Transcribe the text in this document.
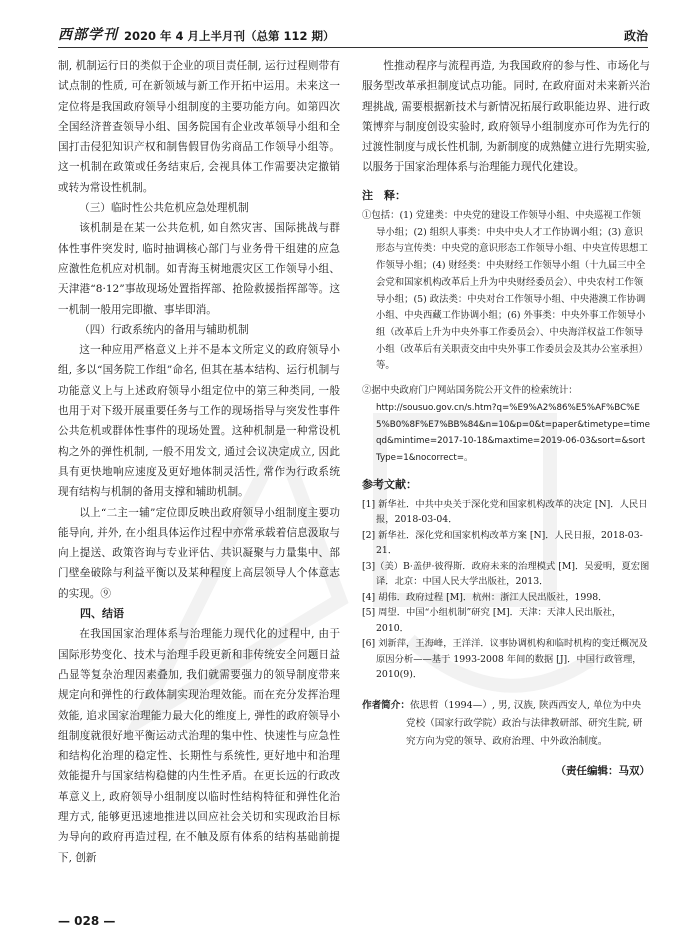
西部学刊 2020 年 4 月上半月刊（总第 112 期）	政治

制, 机制运行日的类似于企业的项目责任制, 运行过程则带有试点制的性质, 可在新领域与新工作开拓中运用。未来这一定位将是我国政府领导小组制度的主要功能方向。如第四次全国经济普查领导小组、国务院国有企业改革领导小组和全国打击侵犯知识产权和制售假冒伪劣商品工作领导小组等。这一机制在政策或任务结束后, 会视具体工作需要决定撤销或转为常设性机制。

（三）临时性公共危机应急处理机制

该机制是在某一公共危机, 如自然灾害、国际挑战与群体性事件突发时, 临时抽调核心部门与业务骨干组建的应急应激性危机应对机制。如青海玉树地震灾区工作领导小组、天津港“8·12”事故现场处置指挥部、抢险救援指挥部等。这一机制一般用完即撤、事毕即消。

（四）行政系统内的备用与辅助机制

这一种应用严格意义上并不是本文所定义的政府领导小组, 多以“国务院工作组”命名, 但其在基本结构、运行机制与功能意义上与上述政府领导小组定位中的第三种类同, 一般也用于对下级开展重要任务与工作的现场指导与突发性事件公共危机或群体性事件的现场处置。这种机制是一种常设机构之外的弹性机制, 一般不用发文, 通过会议决定成立, 因此具有更快地响应速度及更好地体制灵活性, 常作为行政系统现有结构与机制的备用支撑和辅助机制。

以上“二主一辅”定位即反映出政府领导小组制度主要功能导向, 并外, 在小组具体运作过程中亦常承载着信息汲取与向上提送、政策咨询与专业评估、共识凝聚与力量集中、部门壁垒破除与利益平衡以及某种程度上高层领导人个体意志的实现。⑨

四、结语

在我国国家治理体系与治理能力现代化的过程中, 由于国际形势变化、技术与治理手段更新和非传统安全问题日益凸显等复杂治理因素叠加, 我们就需要强力的领导制度带来规定向和弹性的行政体制实现治理效能。而在充分发挥治理效能, 追求国家治理能力最大化的维度上, 弹性的政府领导小组制度就很好地平衡运动式治理的集中性、快速性与应急性和结构化治理的稳定性、长期性与系统性, 更好地中和治理效能提升与国家结构稳健的内生性矛盾。在更长远的行政改革意义上, 政府领导小组制度以临时性结构特征和弹性化治理方式, 能够更迅速地推进以回应社会关切和实现政治目标为导向的政府再造过程, 在不触及原有体系的结构基础前提下, 创新

性推动程序与流程再造, 为我国政府的参与性、市场化与服务型改革承担制度试点功能。同时, 在政府面对未来新兴治理挑战, 需要根据新技术与新情况拓展行政职能边界、进行政策博弈与制度创设实验时, 政府领导小组制度亦可作为先行的过渡性制度与成长性机制, 为新制度的成熟健立进行先期实验, 以服务于国家治理体系与治理能力现代化建设。

注　释：
①包括：(1) 党建类：中央党的建设工作领导小组、中央巡视工作领导小组；(2) 组织人事类：中央中央人才工作协调小组；(3) 意识形态与宣传类：中央党的意识形态工作领导小组、中央宣传思想工作领导小组；(4) 财经类：中央财经工作领导小组（十九届三中全会党和国家机构改革后上升为中央财经委员会）、中央农村工作领导小组；(5) 政法类：中央对台工作领导小组、中央港澳工作协调小组、中央西藏工作协调小组；(6) 外事类：中央外事工作领导小组（改革后上升为中央外事工作委员会）、中央海洋权益工作领导小组（改革后有关职责交由中央外事工作委员会及其办公室承担）等。
②据中央政府门户网站国务院公开文件的检索统计：
http://sousuo.gov.cn/s.htm?q=%E9%A2%86%E5%AF%BC%E5%B0%8F%E7%BB%84&n=10&p=0&t=paper&timetype=timeqd&mintime=2017-10-18&maxtime=2019-06-03&sort=&sortType=1&nocorrect=。
参考文献：
[1] 新华社．中共中央关于深化党和国家机构改革的决定 [N]．人民日报，2018-03-04．
[2] 新华社．深化党和国家机构改革方案 [N]．人民日报，2018-03-21．
[3]（美）B·盖伊·彼得斯．政府未来的治理模式 [M]．吴爱明，夏宏图译．北京：中国人民大学出版社，2013．
[4] 胡伟．政府过程 [M]．杭州：浙江人民出版社，1998．
[5] 周望．中国“小组机制”研究 [M]．天津：天津人民出版社，2010．
[6] 刘新萍，王海峰，王洋洋．议事协调机构和临时机构的变迁概况及原因分析——基于 1993-2008 年间的数据 [J]．中国行政管理，2010(9)．
作者简介：依思哲（1994—）, 男, 汉族, 陕西西安人, 单位为中央党校（国家行政学院）政治与法律教研部、研究生院, 研究方向为党的领导、政府治理、中外政治制度。
（责任编辑：马双）
— 028 —
